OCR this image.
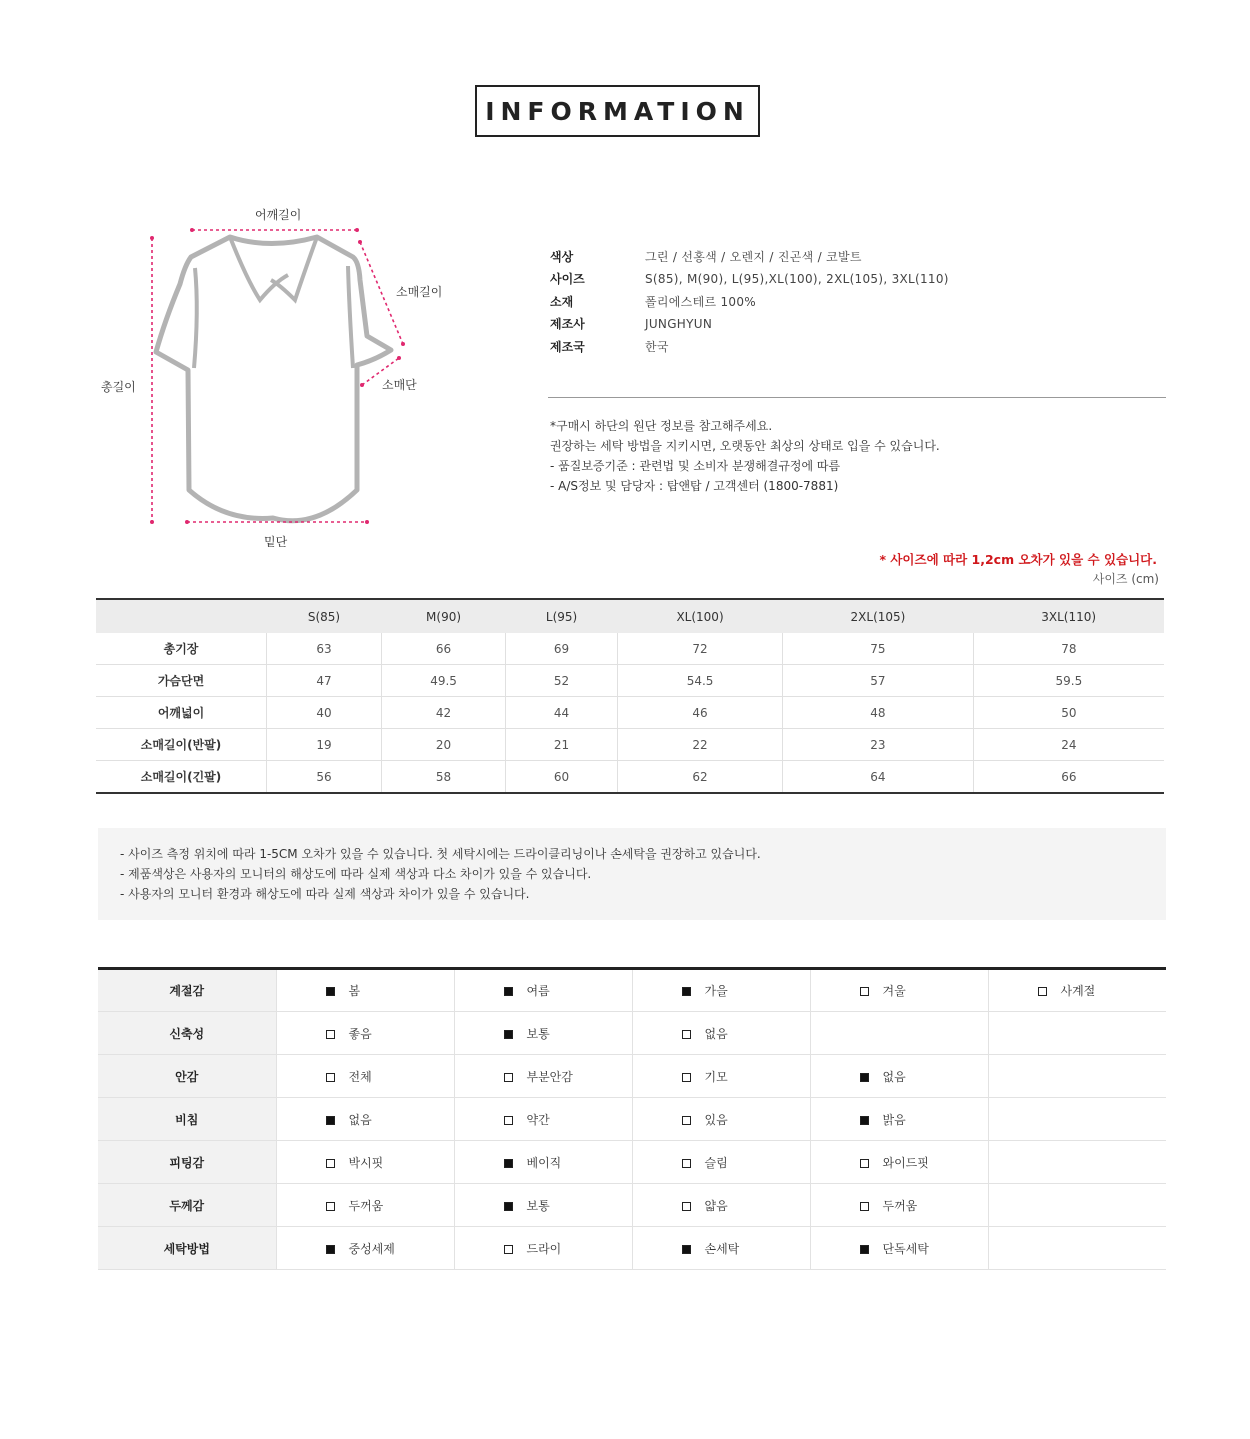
INFORMATION
어깨길이
소매길이
소매단
총길이
밑단
색상	그린 / 선홍색 / 오렌지 / 진곤색 / 코발트
사이즈	S(85), M(90), L(95),XL(100), 2XL(105), 3XL(110)
소재	폴리에스테르 100%
제조사	JUNGHYUN
제조국	한국
*구매시 하단의 원단 정보를 참고해주세요.
권장하는 세탁 방법을 지키시면, 오랫동안 최상의 상태로 입을 수 있습니다.
- 품질보증기준 : 관련법 및 소비자 분쟁해결규정에 따름
- A/S정보 및 담당자 : 탑앤탑 / 고객센터 (1800-7881)
* 사이즈에 따라 1,2cm 오차가 있을 수 있습니다.
사이즈 (cm)
	S(85)	M(90)	L(95)	XL(100)	2XL(105)	3XL(110)
총기장	63	66	69	72	75	78
가슴단면	47	49.5	52	54.5	57	59.5
어깨넓이	40	42	44	46	48	50
소매길이(반팔)	19	20	21	22	23	24
소매길이(긴팔)	56	58	60	62	64	66
- 사이즈 측정 위치에 따라 1-5CM 오차가 있을 수 있습니다. 첫 세탁시에는 드라이클리닝이나 손세탁을 권장하고 있습니다.
- 제품색상은 사용자의 모니터의 해상도에 따라 실제 색상과 다소 차이가 있을 수 있습니다.
- 사용자의 모니터 환경과 해상도에 따라 실제 색상과 차이가 있을 수 있습니다.
계절감	봄	여름	가을	겨울	사계절
신축성	좋음	보통	없음		
안감	전체	부분안감	기모	없음	
비침	없음	약간	있음	밝음	
피팅감	박시핏	베이직	슬림	와이드핏	
두께감	두꺼움	보통	얇음	두꺼움	
세탁방법	중성세제	드라이	손세탁	단독세탁	
